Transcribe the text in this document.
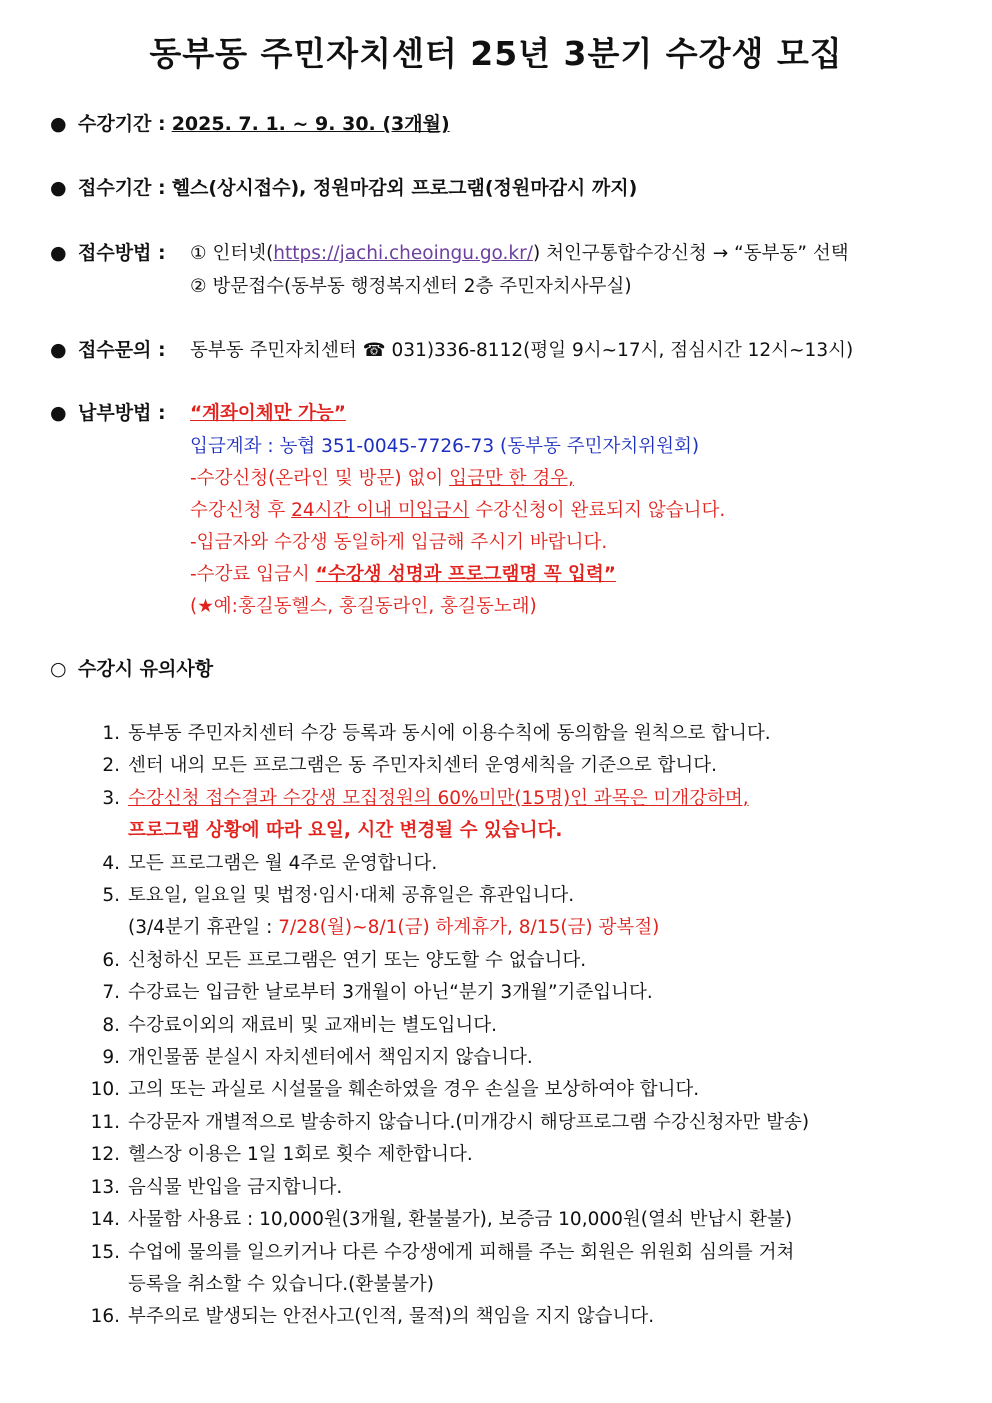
동부동 주민자치센터 25년 3분기 수강생 모집
● 수강기간 : 2025. 7. 1. ~ 9. 30. (3개월)
● 접수기간 : 헬스(상시접수), 정원마감외 프로그램(정원마감시 까지)
● 접수방법 : ① 인터넷(https://jachi.cheoingu.go.kr/) 처인구통합수강신청 → “동부동” 선택
② 방문접수(동부동 행정복지센터 2층 주민자치사무실)
● 접수문의 : 동부동 주민자치센터 ☎ 031)336-8112(평일 9시~17시, 점심시간 12시~13시)
● 납부방법 : “계좌이체만 가능”
입금계좌 : 농협 351-0045-7726-73 (동부동 주민자치위원회)
-수강신청(온라인 및 방문) 없이 입금만 한 경우,
수강신청 후 24시간 이내 미입금시 수강신청이 완료되지 않습니다.
-입금자와 수강생 동일하게 입금해 주시기 바랍니다.
-수강료 입금시 “수강생 성명과 프로그램명 꼭 입력”
(★예:홍길동헬스, 홍길동라인, 홍길동노래)
○ 수강시 유의사항
1. 동부동 주민자치센터 수강 등록과 동시에 이용수칙에 동의함을 원칙으로 합니다.
2. 센터 내의 모든 프로그램은 동 주민자치센터 운영세칙을 기준으로 합니다.
3. 수강신청 접수결과 수강생 모집정원의 60%미만(15명)인 과목은 미개강하며,
프로그램 상황에 따라 요일, 시간 변경될 수 있습니다.
4. 모든 프로그램은 월 4주로 운영합니다.
5. 토요일, 일요일 및 법정·임시·대체 공휴일은 휴관입니다.
(3/4분기 휴관일 : 7/28(월)~8/1(금) 하계휴가, 8/15(금) 광복절)
6. 신청하신 모든 프로그램은 연기 또는 양도할 수 없습니다.
7. 수강료는 입금한 날로부터 3개월이 아닌“분기 3개월”기준입니다.
8. 수강료이외의 재료비 및 교재비는 별도입니다.
9. 개인물품 분실시 자치센터에서 책임지지 않습니다.
10. 고의 또는 과실로 시설물을 훼손하였을 경우 손실을 보상하여야 합니다.
11. 수강문자 개별적으로 발송하지 않습니다.(미개강시 해당프로그램 수강신청자만 발송)
12. 헬스장 이용은 1일 1회로 횟수 제한합니다.
13. 음식물 반입을 금지합니다.
14. 사물함 사용료 : 10,000원(3개월, 환불불가), 보증금 10,000원(열쇠 반납시 환불)
15. 수업에 물의를 일으키거나 다른 수강생에게 피해를 주는 회원은 위원회 심의를 거쳐
등록을 취소할 수 있습니다.(환불불가)
16. 부주의로 발생되는 안전사고(인적, 물적)의 책임을 지지 않습니다.
